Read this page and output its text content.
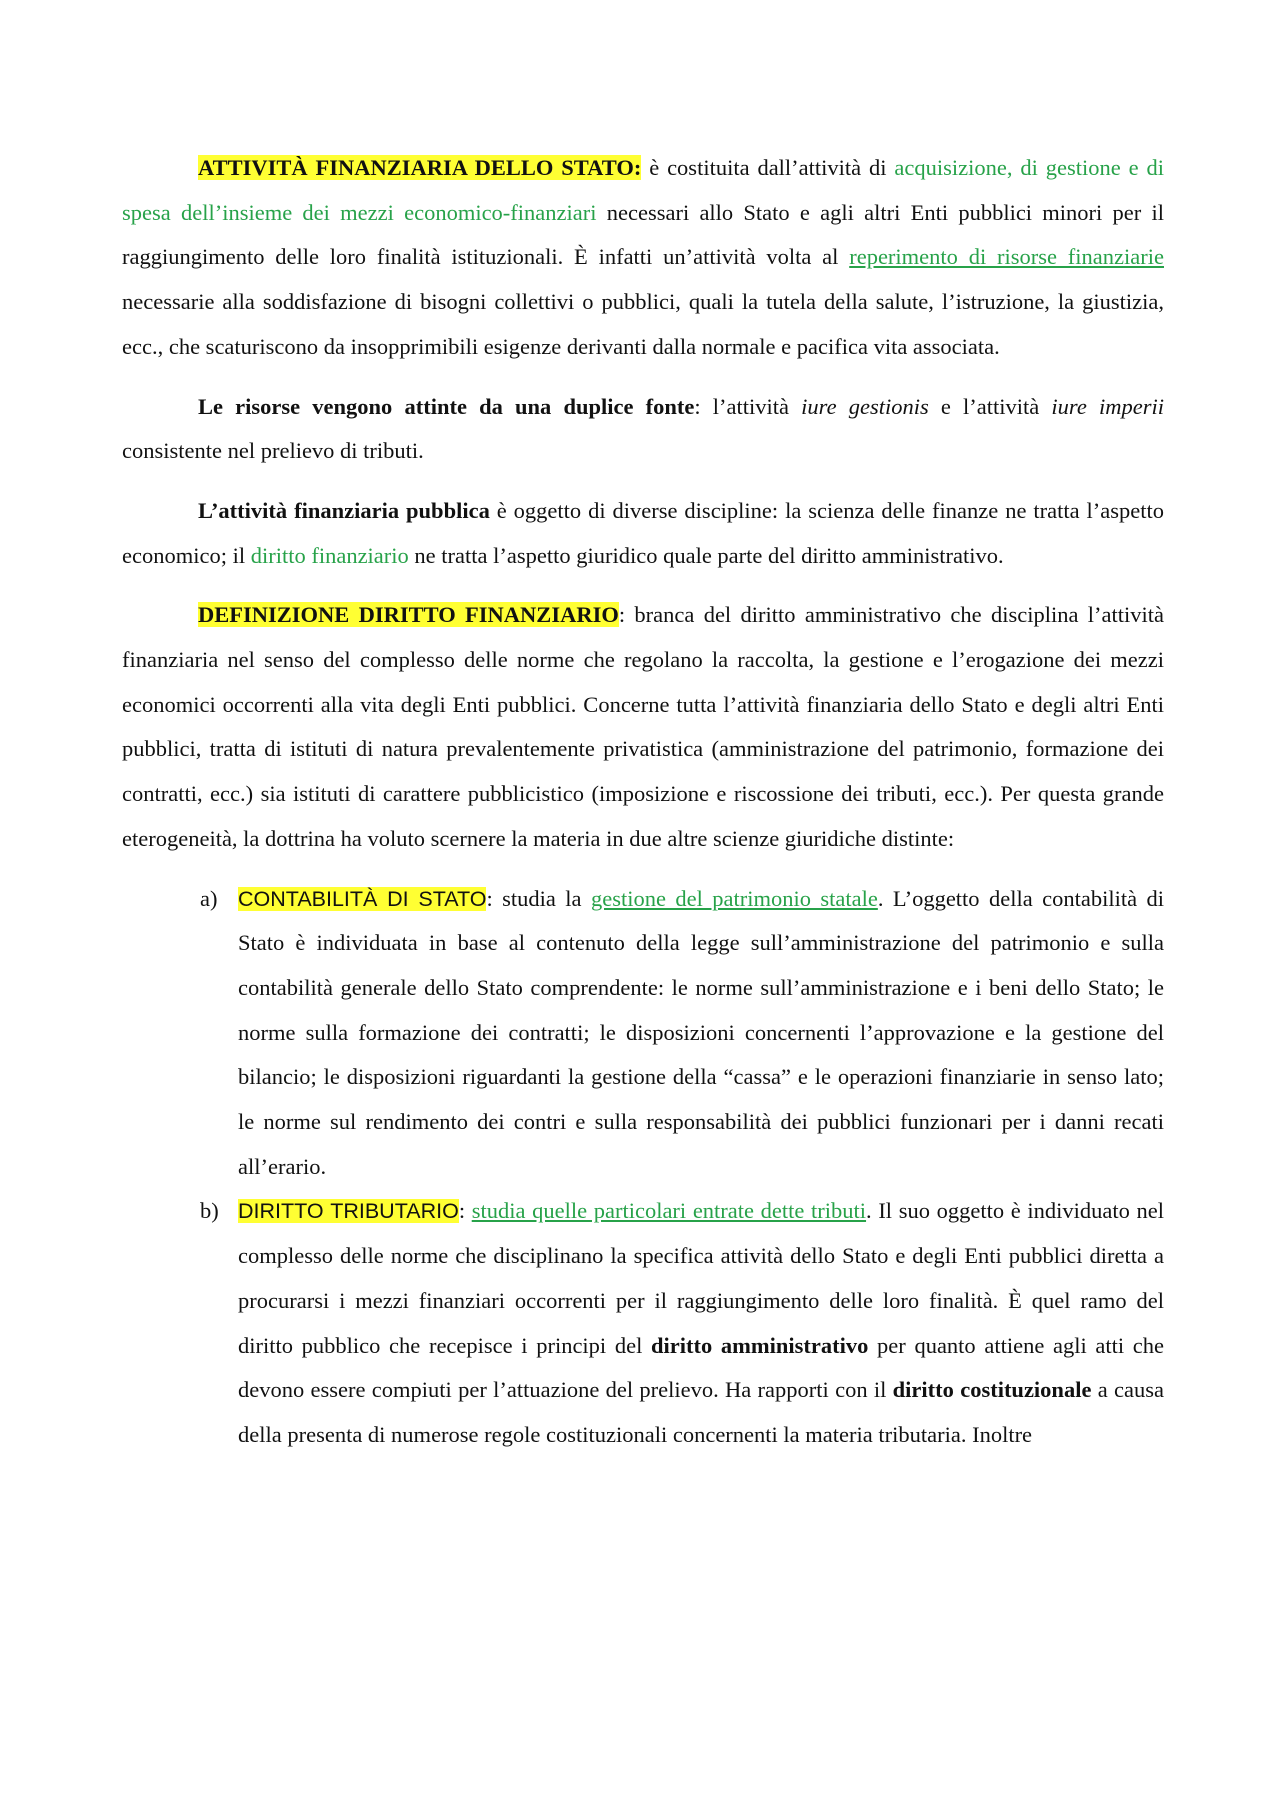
ATTIVITÀ FINANZIARIA DELLO STATO: è costituita dall’attività di acquisizione, di gestione e di spesa dell’insieme dei mezzi economico-finanziari necessari allo Stato e agli altri Enti pubblici minori per il raggiungimento delle loro finalità istituzionali. È infatti un’attività volta al reperimento di risorse finanziarie necessarie alla soddisfazione di bisogni collettivi o pubblici, quali la tutela della salute, l’istruzione, la giustizia, ecc., che scaturiscono da insopprimibili esigenze derivanti dalla normale e pacifica vita associata.

Le risorse vengono attinte da una duplice fonte: l’attività iure gestionis e l’attività iure imperii consistente nel prelievo di tributi.

L’attività finanziaria pubblica è oggetto di diverse discipline: la scienza delle finanze ne tratta l’aspetto economico; il diritto finanziario ne tratta l’aspetto giuridico quale parte del diritto amministrativo.

DEFINIZIONE DIRITTO FINANZIARIO: branca del diritto amministrativo che disciplina l’attività finanziaria nel senso del complesso delle norme che regolano la raccolta, la gestione e l’erogazione dei mezzi economici occorrenti alla vita degli Enti pubblici. Concerne tutta l’attività finanziaria dello Stato e degli altri Enti pubblici, tratta di istituti di natura prevalentemente privatistica (amministrazione del patrimonio, formazione dei contratti, ecc.) sia istituti di carattere pubblicistico (imposizione e riscossione dei tributi, ecc.). Per questa grande eterogeneità, la dottrina ha voluto scernere la materia in due altre scienze giuridiche distinte:

a) CONTABILITÀ DI STATO: studia la gestione del patrimonio statale. L’oggetto della contabilità di Stato è individuata in base al contenuto della legge sull’amministrazione del patrimonio e sulla contabilità generale dello Stato comprendente: le norme sull’amministrazione e i beni dello Stato; le norme sulla formazione dei contratti; le disposizioni concernenti l’approvazione e la gestione del bilancio; le disposizioni riguardanti la gestione della “cassa” e le operazioni finanziarie in senso lato; le norme sul rendimento dei contri e sulla responsabilità dei pubblici funzionari per i danni recati all’erario.
b) DIRITTO TRIBUTARIO: studia quelle particolari entrate dette tributi. Il suo oggetto è individuato nel complesso delle norme che disciplinano la specifica attività dello Stato e degli Enti pubblici diretta a procurarsi i mezzi finanziari occorrenti per il raggiungimento delle loro finalità. È quel ramo del diritto pubblico che recepisce i principi del diritto amministrativo per quanto attiene agli atti che devono essere compiuti per l’attuazione del prelievo. Ha rapporti con il diritto costituzionale a causa della presenta di numerose regole costituzionali concernenti la materia tributaria. Inoltre
